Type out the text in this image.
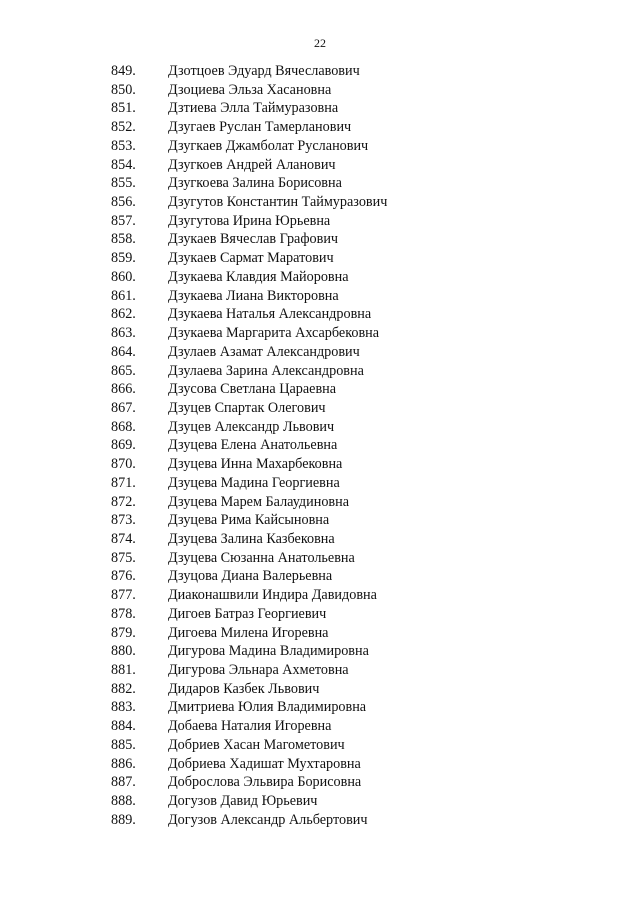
22
849. Дзотцоев Эдуард Вячеславович
850. Дзоциева Эльза Хасановна
851. Дзтиева Элла Таймуразовна
852. Дзугаев Руслан Тамерланович
853. Дзугкаев Джамболат Русланович
854. Дзугкоев Андрей Аланович
855. Дзугкоева Залина Борисовна
856. Дзугутов Константин Таймуразович
857. Дзугутова Ирина Юрьевна
858. Дзукаев Вячеслав Графович
859. Дзукаев Сармат Маратович
860. Дзукаева Клавдия Майоровна
861. Дзукаева Лиана Викторовна
862. Дзукаева Наталья Александровна
863. Дзукаева Маргарита Ахсарбековна
864. Дзулаев Азамат Александрович
865. Дзулаева Зарина Александровна
866. Дзусова Светлана Цараевна
867. Дзуцев Спартак Олегович
868. Дзуцев Александр Львович
869. Дзуцева Елена Анатольевна
870. Дзуцева Инна Махарбековна
871. Дзуцева Мадина Георгиевна
872. Дзуцева Марем Балаудиновна
873. Дзуцева Рима Кайсыновна
874. Дзуцева Залина Казбековна
875. Дзуцева Сюзанна Анатольевна
876. Дзуцова Диана Валерьевна
877. Диаконашвили Индира Давидовна
878. Дигоев Батраз Георгиевич
879. Дигоева Милена Игоревна
880. Дигурова Мадина Владимировна
881. Дигурова Эльнара Ахметовна
882. Дидаров Казбек Львович
883. Дмитриева Юлия Владимировна
884. Добаева Наталия Игоревна
885. Добриев Хасан Магометович
886. Добриева Хадишат Мухтаровна
887. Доброслова Эльвира Борисовна
888. Догузов Давид Юрьевич
889. Догузов Александр Альбертович
